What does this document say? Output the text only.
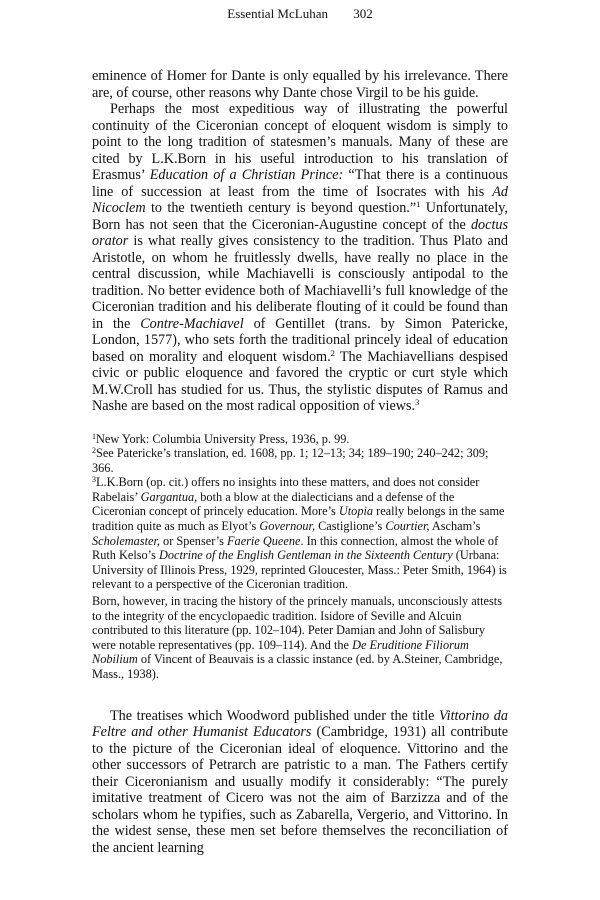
Essential McLuhan 302

eminence of Homer for Dante is only equalled by his irrelevance. There are, of course, other reasons why Dante chose Virgil to be his guide.

Perhaps the most expeditious way of illustrating the powerful continuity of the Ciceronian concept of eloquent wisdom is simply to point to the long tradition of statesmen’s manuals. Many of these are cited by L.K.Born in his useful introduction to his translation of Erasmus’ Education of a Christian Prince: “That there is a continuous line of succession at least from the time of Isocrates with his Ad Nicoclem to the twentieth century is beyond question.”$^1$ Unfortunately, Born has not seen that the Ciceronian-Augustine concept of the doctus orator is what really gives consistency to the tradition. Thus Plato and Aristotle, on whom he fruitlessly dwells, have really no place in the central discussion, while Machiavelli is consciously antipodal to the tradition. No better evidence both of Machiavelli’s full knowledge of the Ciceronian tradition and his deliberate flouting of it could be found than in the Contre-Machiavel of Gentillet (trans. by Simon Patericke, London, 1577), who sets forth the traditional princely ideal of education based on morality and eloquent wisdom.$^2$ The Machiavellians despised civic or public eloquence and favored the cryptic or curt style which M.W.Croll has studied for us. Thus, the stylistic disputes of Ramus and Nashe are based on the most radical opposition of views.$^3$

$^1$New York: Columbia University Press, 1936, p. 99.

$^2$See Patericke’s translation, ed. 1608, pp. 1; 12–13; 34; 189–190; 240–242; 309; 366.

$^3$L.K.Born (op. cit.) offers no insights into these matters, and does not consider Rabelais’ Gargantua, both a blow at the dialecticians and a defense of the Ciceronian concept of princely education. More’s Utopia really belongs in the same tradition quite as much as Elyot’s Governour, Castiglione’s Courtier, Ascham’s Scholemaster, or Spenser’s Faerie Queene. In this connection, almost the whole of Ruth Kelso’s Doctrine of the English Gentleman in the Sixteenth Century (Urbana: University of Illinois Press, 1929, reprinted Gloucester, Mass.: Peter Smith, 1964) is relevant to a perspective of the Ciceronian tradition.

Born, however, in tracing the history of the princely manuals, unconsciously attests to the integrity of the encyclopaedic tradition. Isidore of Seville and Alcuin contributed to this literature (pp. 102–104). Peter Damian and John of Salisbury were notable representatives (pp. 109–114). And the De Eruditione Filiorum Nobilium of Vincent of Beauvais is a classic instance (ed. by A.Steiner, Cambridge, Mass., 1938).

The treatises which Woodword published under the title Vittorino da Feltre and other Humanist Educators (Cambridge, 1931) all contribute to the picture of the Ciceronian ideal of eloquence. Vittorino and the other successors of Petrarch are patristic to a man. The Fathers certify their Ciceronianism and usually modify it considerably: “The purely imitative treatment of Cicero was not the aim of Barzizza and of the scholars whom he typifies, such as Zabarella, Vergerio, and Vittorino. In the widest sense, these men set before themselves the reconciliation of the ancient learning
